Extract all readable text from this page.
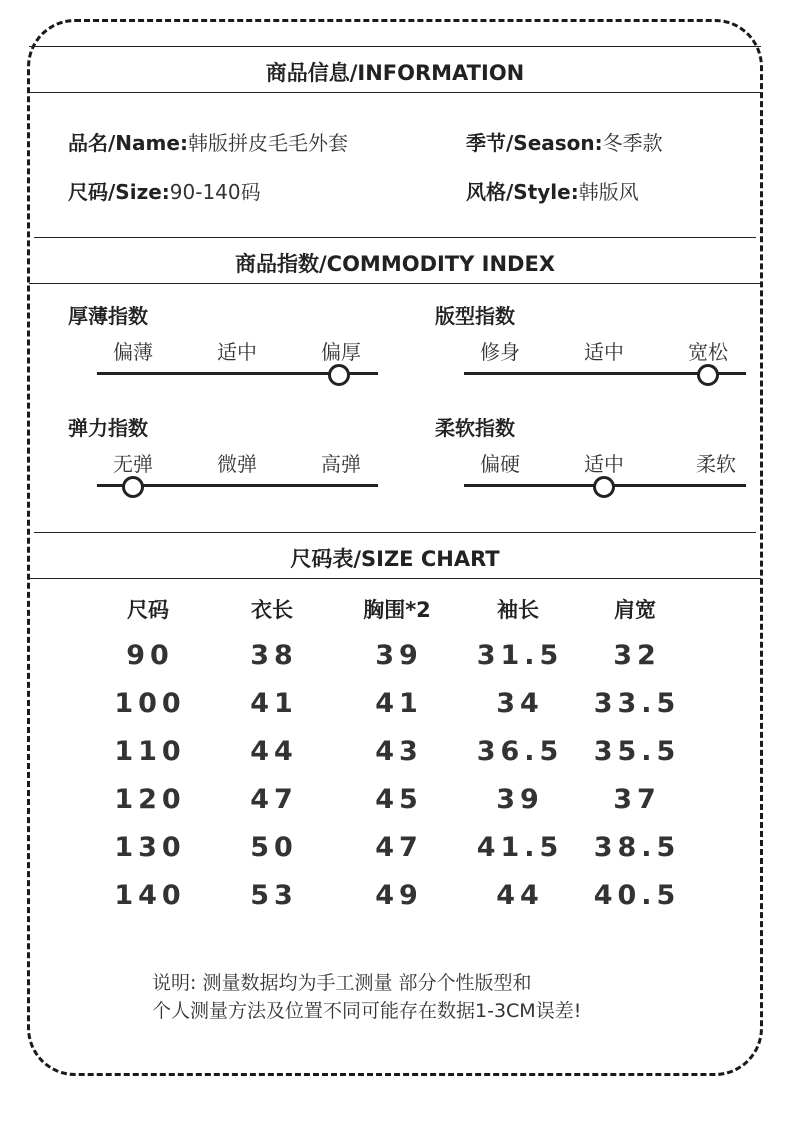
商品信息/INFORMATION
品名/Name:韩版拼皮毛毛外套	季节/Season:冬季款
尺码/Size:90-140码	风格/Style:韩版风
商品指数/COMMODITY INDEX
厚薄指数
偏薄	适中	偏厚
版型指数
修身	适中	宽松
弹力指数
无弹	微弹	高弹
柔软指数
偏硬	适中	柔软
尺码表/SIZE CHART
尺码	衣长	胸围*2	袖长	肩宽
90	38	39	31.5	32
100	41	41	34	33.5
110	44	43	36.5	35.5
120	47	45	39	37
130	50	47	41.5	38.5
140	53	49	44	40.5
说明: 测量数据均为手工测量 部分个性版型和
个人测量方法及位置不同可能存在数据1-3CM误差!
